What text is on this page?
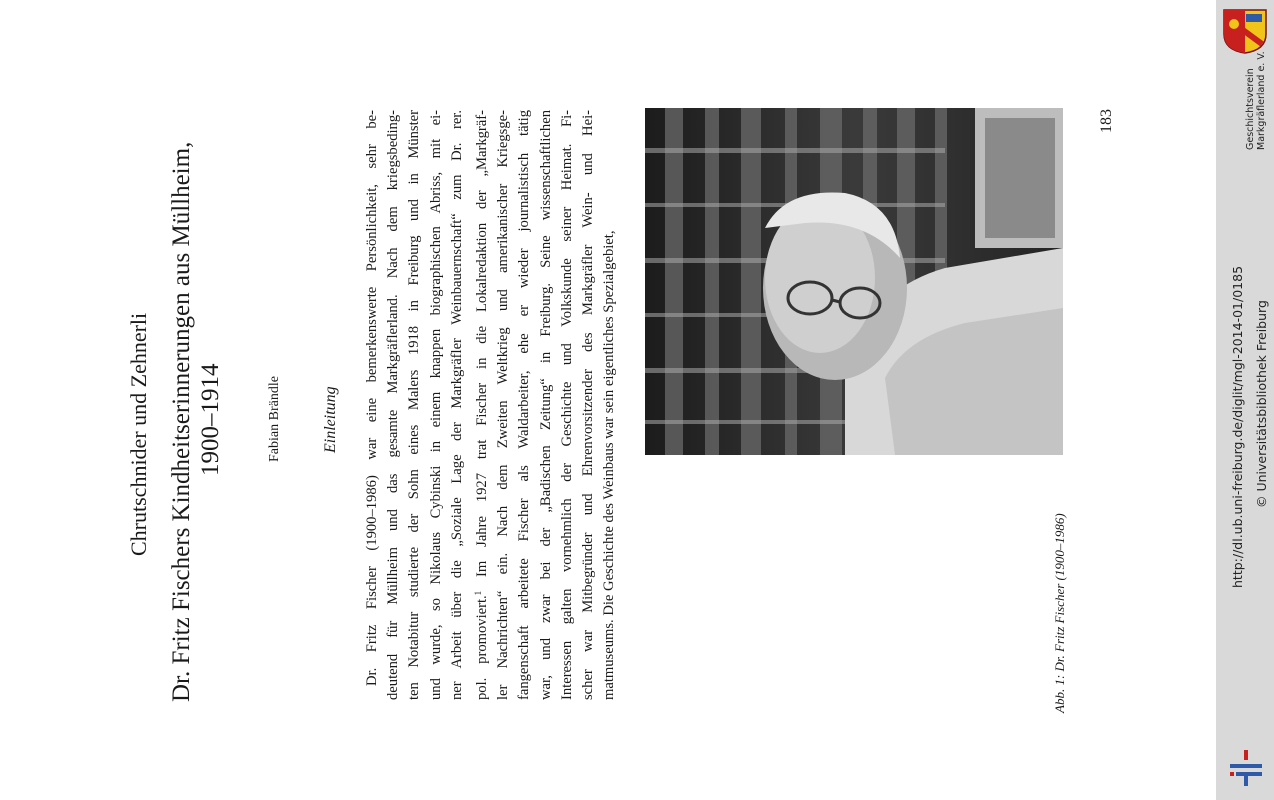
Chrutschnider und Zehnerli Dr. Fritz Fischers Kindheitserinnerungen aus Müllheim, 1900–1914	Fabian Brändle	Einleitung Dr. Fritz Fischer (1900–1986) war eine bemerkenswerte Persönlichkeit, sehr be- deutend für Müllheim und das gesamte Markgräflerland. Nach dem kriegsbeding- ten Notabitur studierte der Sohn eines Malers 1918 in Freiburg und in Münster und wurde, so Nikolaus Cybinski in einem knappen biographischen Abriss, mit ei- ner Arbeit über die „Soziale Lage der Markgräfler Weinbauernschaft“ zum Dr. rer. pol. promoviert.$^1$ Im Jahre 1927 trat Fischer in die Lokalredaktion der „Markgräf- ler Nachrichten“ ein. Nach dem Zweiten Weltkrieg und amerikanischer Kriegsge- fangenschaft arbeitete Fischer als Waldarbeiter, ehe er wieder journalistisch tätig war, und zwar bei der „Badischen Zeitung“ in Freiburg. Seine wissenschaftlichen Interessen galten vornehmlich der Geschichte und Volkskunde seiner Heimat. Fi- scher war Mitbegründer und Ehrenvorsitzender des Markgräfler Wein- und Hei- matmuseums. Die Geschichte des Weinbaus war sein eigentliches Spezialgebiet,	Abb. 1: Dr. Fritz Fischer (1900–1986)
183	Geschichtsverein
Markgräflerland e. V.
http://dl.ub.uni-freiburg.de/diglit/mgl-2014-01/0185 © Universitätsbibliothek Freiburg
